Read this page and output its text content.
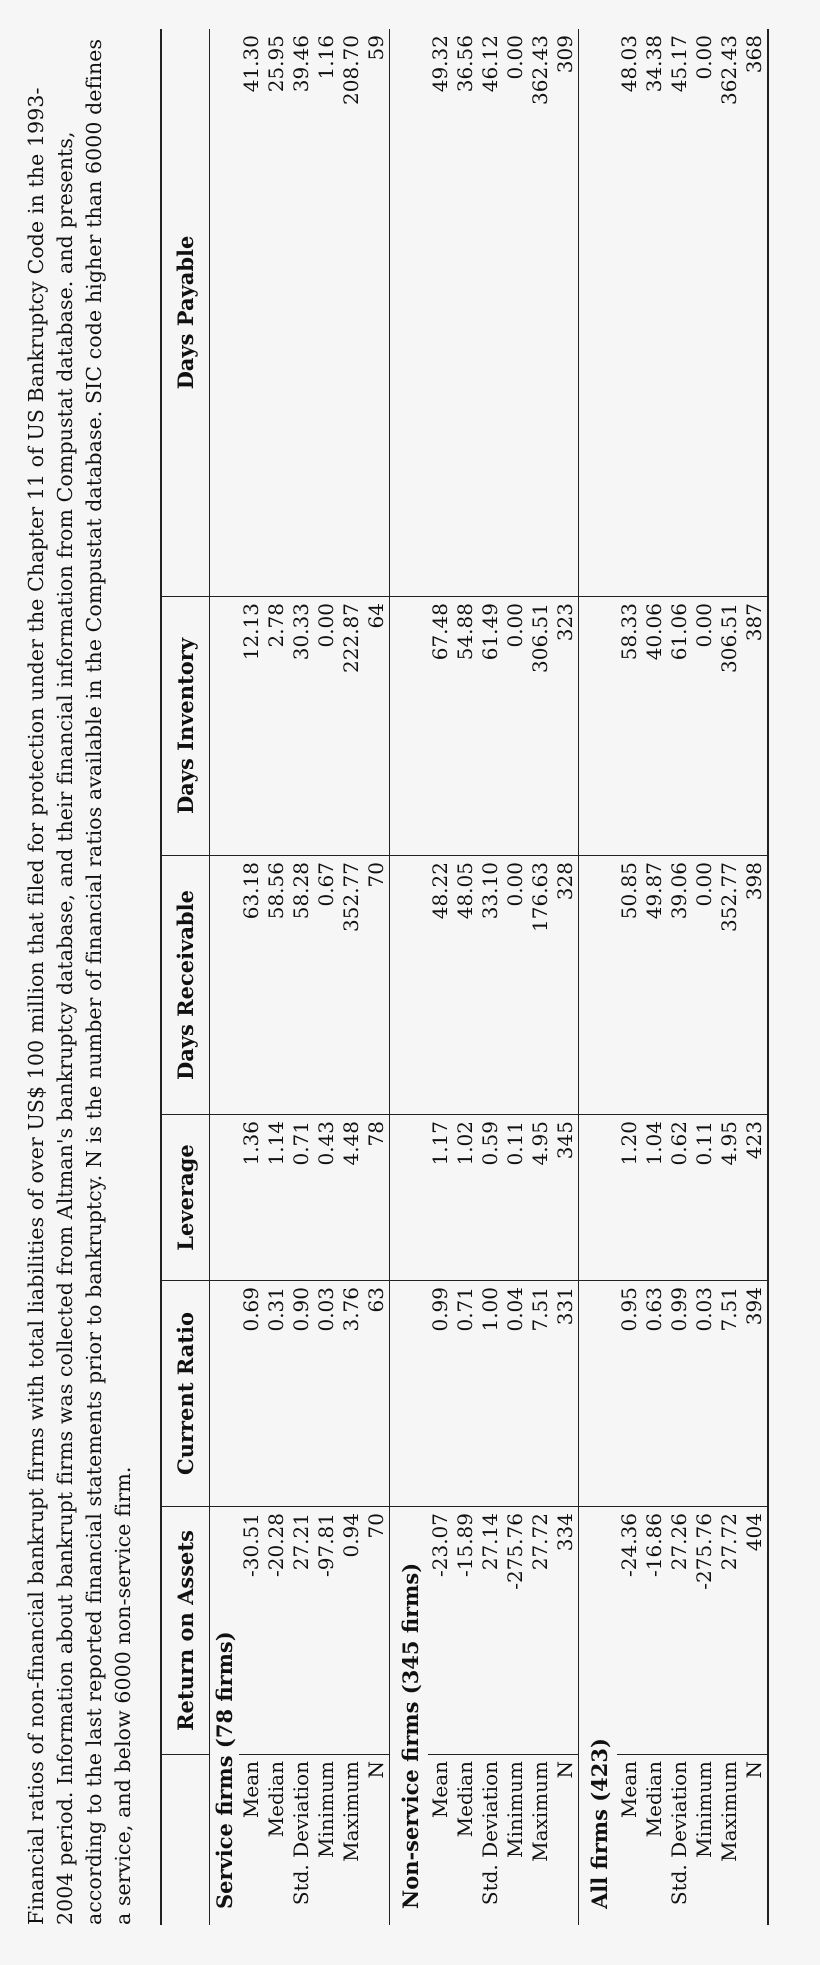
Financial ratios of non-financial bankrupt firms with total liabilities of over US$ 100 million that filed for protection under the Chapter 11 of US Bankruptcy Code in the 1993-2004 period. Information about bankrupt firms was collected from Altman's bankruptcy database, and their financial information from Compustat database. and presents, according to the last reported financial statements prior to bankruptcy. N is the number of financial ratios available in the Compustat database. SIC code higher than 6000 defines a service, and below 6000 non-service firm.
	Return on Assets	Current Ratio	Leverage	Days Receivable	Days Inventory	Days Payable
Service firms (78 firms)						
Mean	-30.51	0.69	1.36	63.18	12.13	41.30
Median	-20.28	0.31	1.14	58.56	2.78	25.95
Std. Deviation	27.21	0.90	0.71	58.28	30.33	39.46
Minimum	-97.81	0.03	0.43	0.67	0.00	1.16
Maximum	0.94	3.76	4.48	352.77	222.87	208.70
N	70	63	78	70	64	59
Non-service firms (345 firms)						
Mean	-23.07	0.99	1.17	48.22	67.48	49.32
Median	-15.89	0.71	1.02	48.05	54.88	36.56
Std. Deviation	27.14	1.00	0.59	33.10	61.49	46.12
Minimum	-275.76	0.04	0.11	0.00	0.00	0.00
Maximum	27.72	7.51	4.95	176.63	306.51	362.43
N	334	331	345	328	323	309
All firms (423)						
Mean	-24.36	0.95	1.20	50.85	58.33	48.03
Median	-16.86	0.63	1.04	49.87	40.06	34.38
Std. Deviation	27.26	0.99	0.62	39.06	61.06	45.17
Minimum	-275.76	0.03	0.11	0.00	0.00	0.00
Maximum	27.72	7.51	4.95	352.77	306.51	362.43
N	404	394	423	398	387	368
